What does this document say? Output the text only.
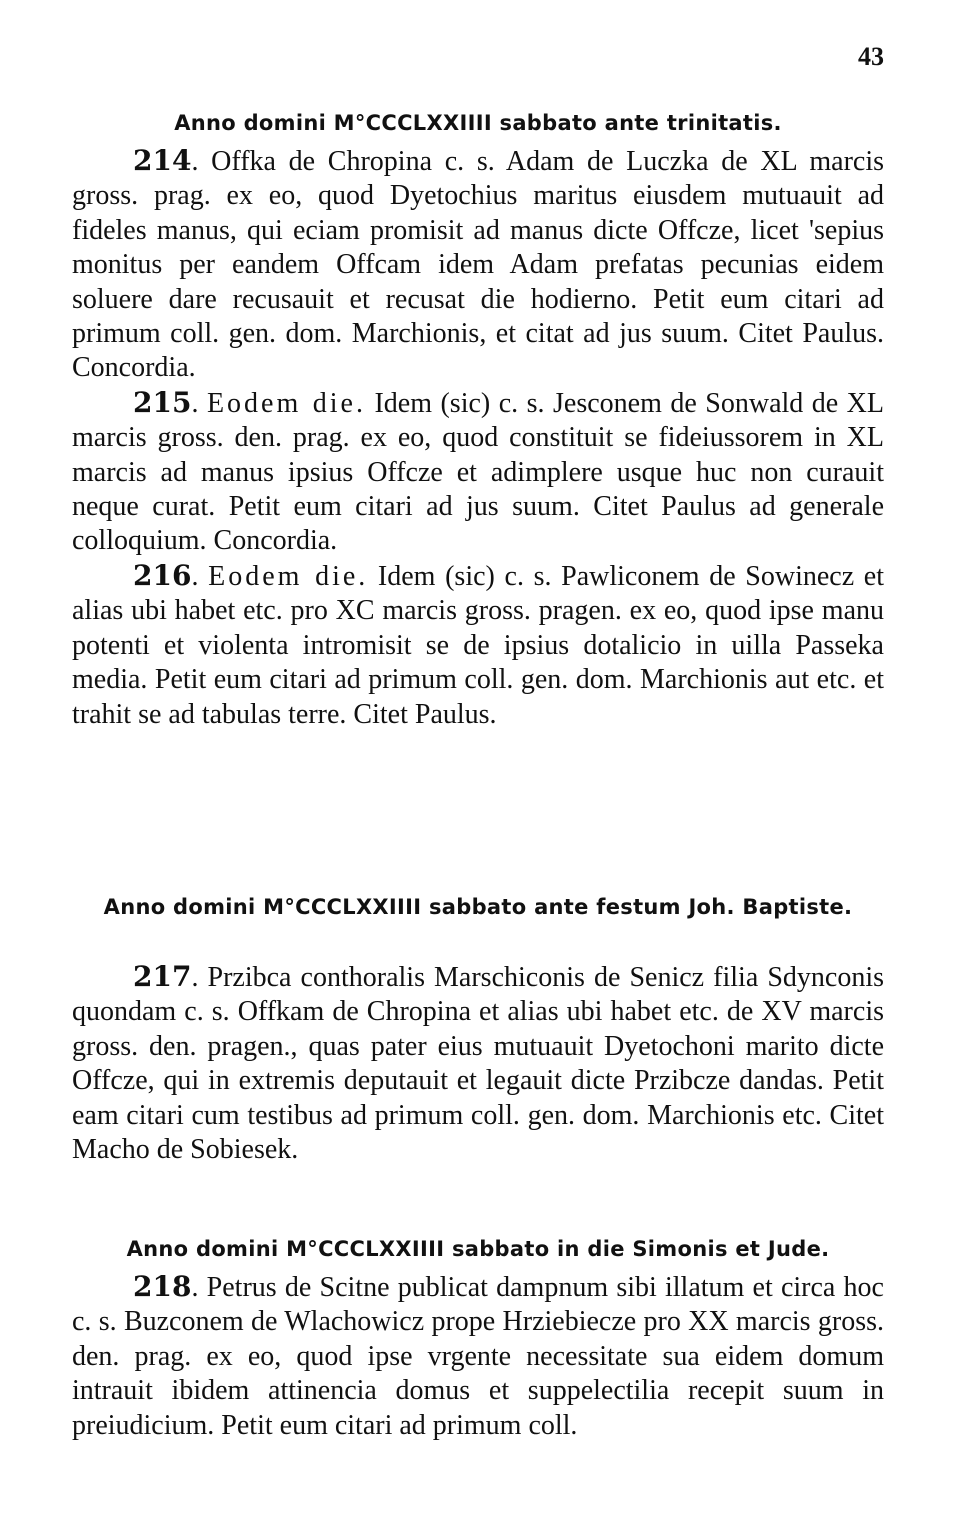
43
Anno domini M°CCCLXXIIII sabbato ante trinitatis.

214. Offka de Chropina c. s. Adam de Luczka de XL marcis gross. prag. ex eo, quod Dyetochius maritus eiusdem mutuauit ad fideles manus, qui eciam promisit ad manus dicte Offcze, licet 'sepius monitus per eandem Offcam idem Adam prefatas pecunias eidem soluere dare recusauit et recusat die hodierno. Petit eum citari ad primum coll. gen. dom. Marchionis, et citat ad jus suum. Citet Paulus. Concordia.

215. Eodem die. Idem (sic) c. s. Jesconem de Sonwald de XL marcis gross. den. prag. ex eo, quod constituit se fideiussorem in XL marcis ad manus ipsius Offcze et adimplere usque huc non curauit neque curat. Petit eum citari ad jus suum. Citet Paulus ad generale colloquium. Concordia.

216. Eodem die. Idem (sic) c. s. Pawliconem de Sowinecz et alias ubi habet etc. pro XC marcis gross. pragen. ex eo, quod ipse manu potenti et violenta intromisit se de ipsius dotalicio in uilla Passeka media. Petit eum citari ad primum coll. gen. dom. Marchionis aut etc. et trahit se ad tabulas terre. Citet Paulus.

Anno domini M°CCCLXXIIII sabbato ante festum Joh. Baptiste.

217. Przibca conthoralis Marschiconis de Senicz filia Sdynconis quondam c. s. Offkam de Chropina et alias ubi habet etc. de XV marcis gross. den. pragen., quas pater eius mutuauit Dyetochoni marito dicte Offcze, qui in extremis deputauit et legauit dicte Przibcze dandas. Petit eam citari cum testibus ad primum coll. gen. dom. Marchionis etc. Citet Macho de Sobiesek.

Anno domini M°CCCLXXIIII sabbato in die Simonis et Jude.

218. Petrus de Scitne publicat dampnum sibi illatum et circa hoc c. s. Buzconem de Wlachowicz prope Hrziebiecze pro XX marcis gross. den. prag. ex eo, quod ipse vrgente necessitate sua eidem domum intrauit ibidem attinencia domus et suppelectilia recepit suum in preiudicium. Petit eum citari ad primum coll.
